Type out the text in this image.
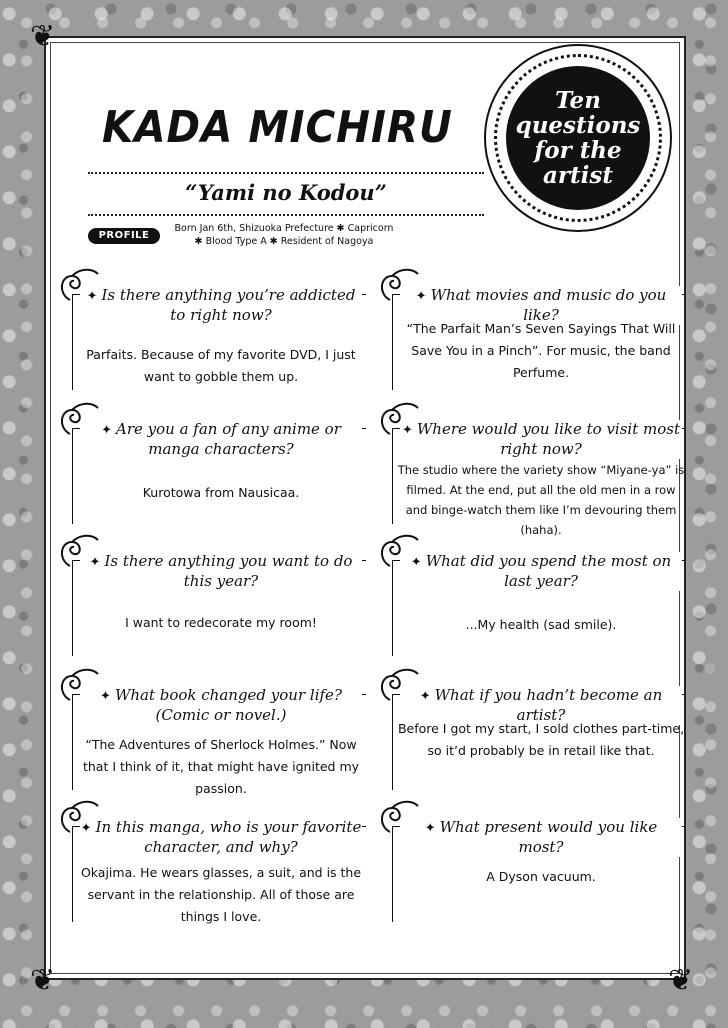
❦
❦	❦
KADA MICHIRU
“Yami no Kodou”
PROFILE
Born Jan 6th, Shizuoka Prefecture ✱ Capricorn
✱ Blood Type A ✱ Resident of Nagoya
Ten
questions
for the
artist
✦ Is there anything you’re addicted to right now?
Parfaits. Because of my favorite DVD, I just want to gobble them up.
✦ Are you a fan of any anime or manga characters?
Kurotowa from Nausicaa.
✦ Is there anything you want to do this year?
I want to redecorate my room!
✦ What book changed your life? (Comic or novel.)
“The Adventures of Sherlock Holmes.” Now that I think of it, that might have ignited my passion.
✦ In this manga, who is your favorite character, and why?
Okajima. He wears glasses, a suit, and is the servant in the relationship. All of those are things I love.
✦ What movies and music do you like?
“The Parfait Man’s Seven Sayings That Will Save You in a Pinch”. For music, the band Perfume.
✦ Where would you like to visit most right now?
The studio where the variety show “Miyane-ya” is filmed. At the end, put all the old men in a row and binge-watch them like I’m devouring them (haha).
✦ What did you spend the most on last year?
...My health (sad smile).
✦ What if you hadn’t become an artist?
Before I got my start, I sold clothes part-time, so it’d probably be in retail like that.
✦ What present would you like most?
A Dyson vacuum.
